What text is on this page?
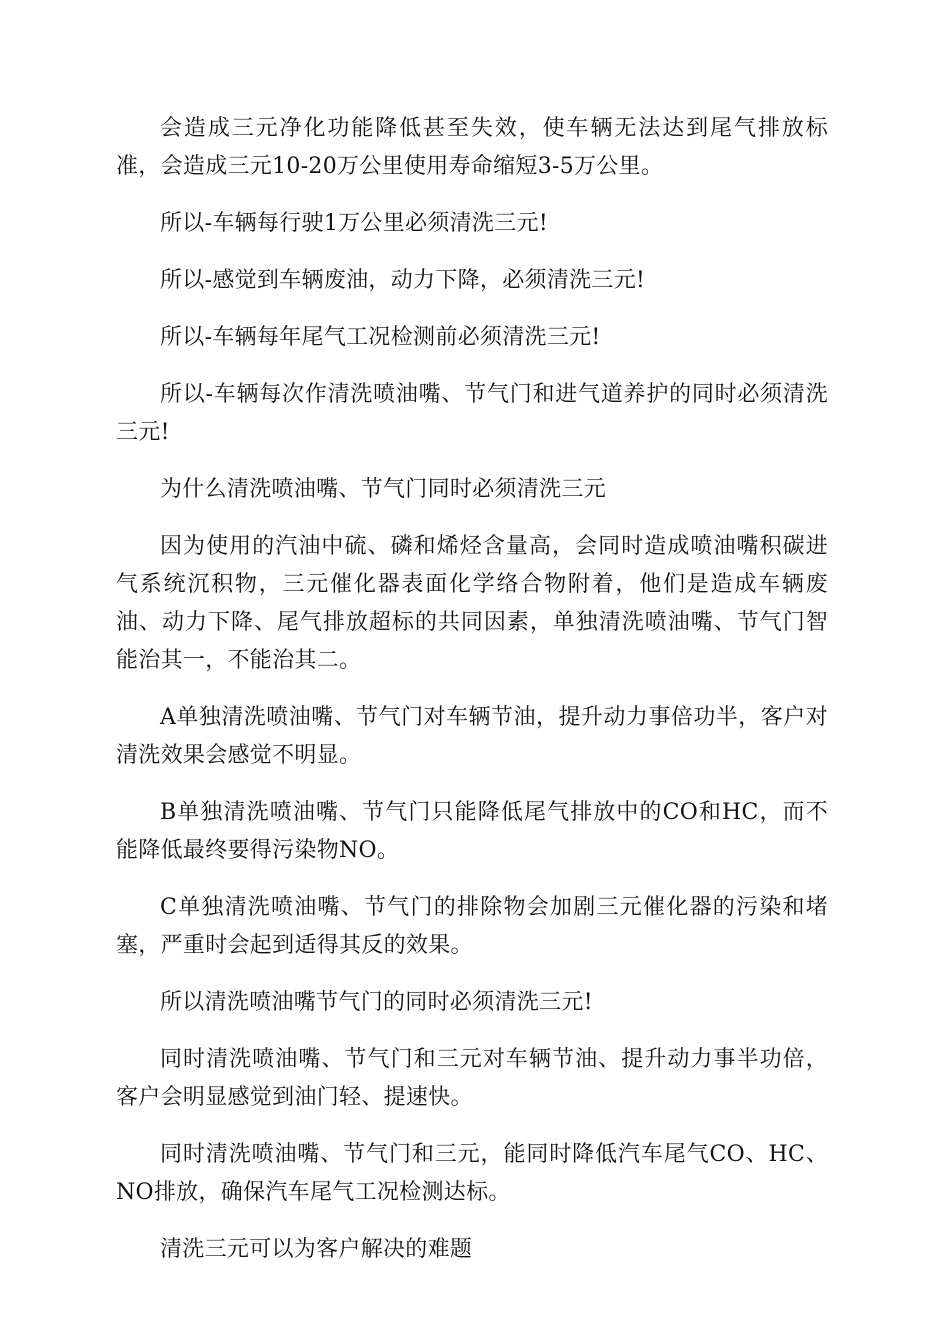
会造成三元净化功能降低甚至失效，使车辆无法达到尾气排放标准，会造成三元10-20万公里使用寿命缩短3-5万公里。

所以-车辆每行驶1万公里必须清洗三元!

所以-感觉到车辆废油，动力下降，必须清洗三元!

所以-车辆每年尾气工况检测前必须清洗三元!

所以-车辆每次作清洗喷油嘴、节气门和进气道养护的同时必须清洗三元!

为什么清洗喷油嘴、节气门同时必须清洗三元

因为使用的汽油中硫、磷和烯烃含量高，会同时造成喷油嘴积碳进气系统沉积物，三元催化器表面化学络合物附着，他们是造成车辆废油、动力下降、尾气排放超标的共同因素，单独清洗喷油嘴、节气门智能治其一，不能治其二。

A单独清洗喷油嘴、节气门对车辆节油，提升动力事倍功半，客户对清洗效果会感觉不明显。

B单独清洗喷油嘴、节气门只能降低尾气排放中的CO和HC，而不能降低最终要得污染物NO。

C单独清洗喷油嘴、节气门的排除物会加剧三元催化器的污染和堵塞，严重时会起到适得其反的效果。

所以清洗喷油嘴节气门的同时必须清洗三元!

同时清洗喷油嘴、节气门和三元对车辆节油、提升动力事半功倍，客户会明显感觉到油门轻、提速快。

同时清洗喷油嘴、节气门和三元，能同时降低汽车尾气CO、HC、NO排放，确保汽车尾气工况检测达标。

清洗三元可以为客户解决的难题
